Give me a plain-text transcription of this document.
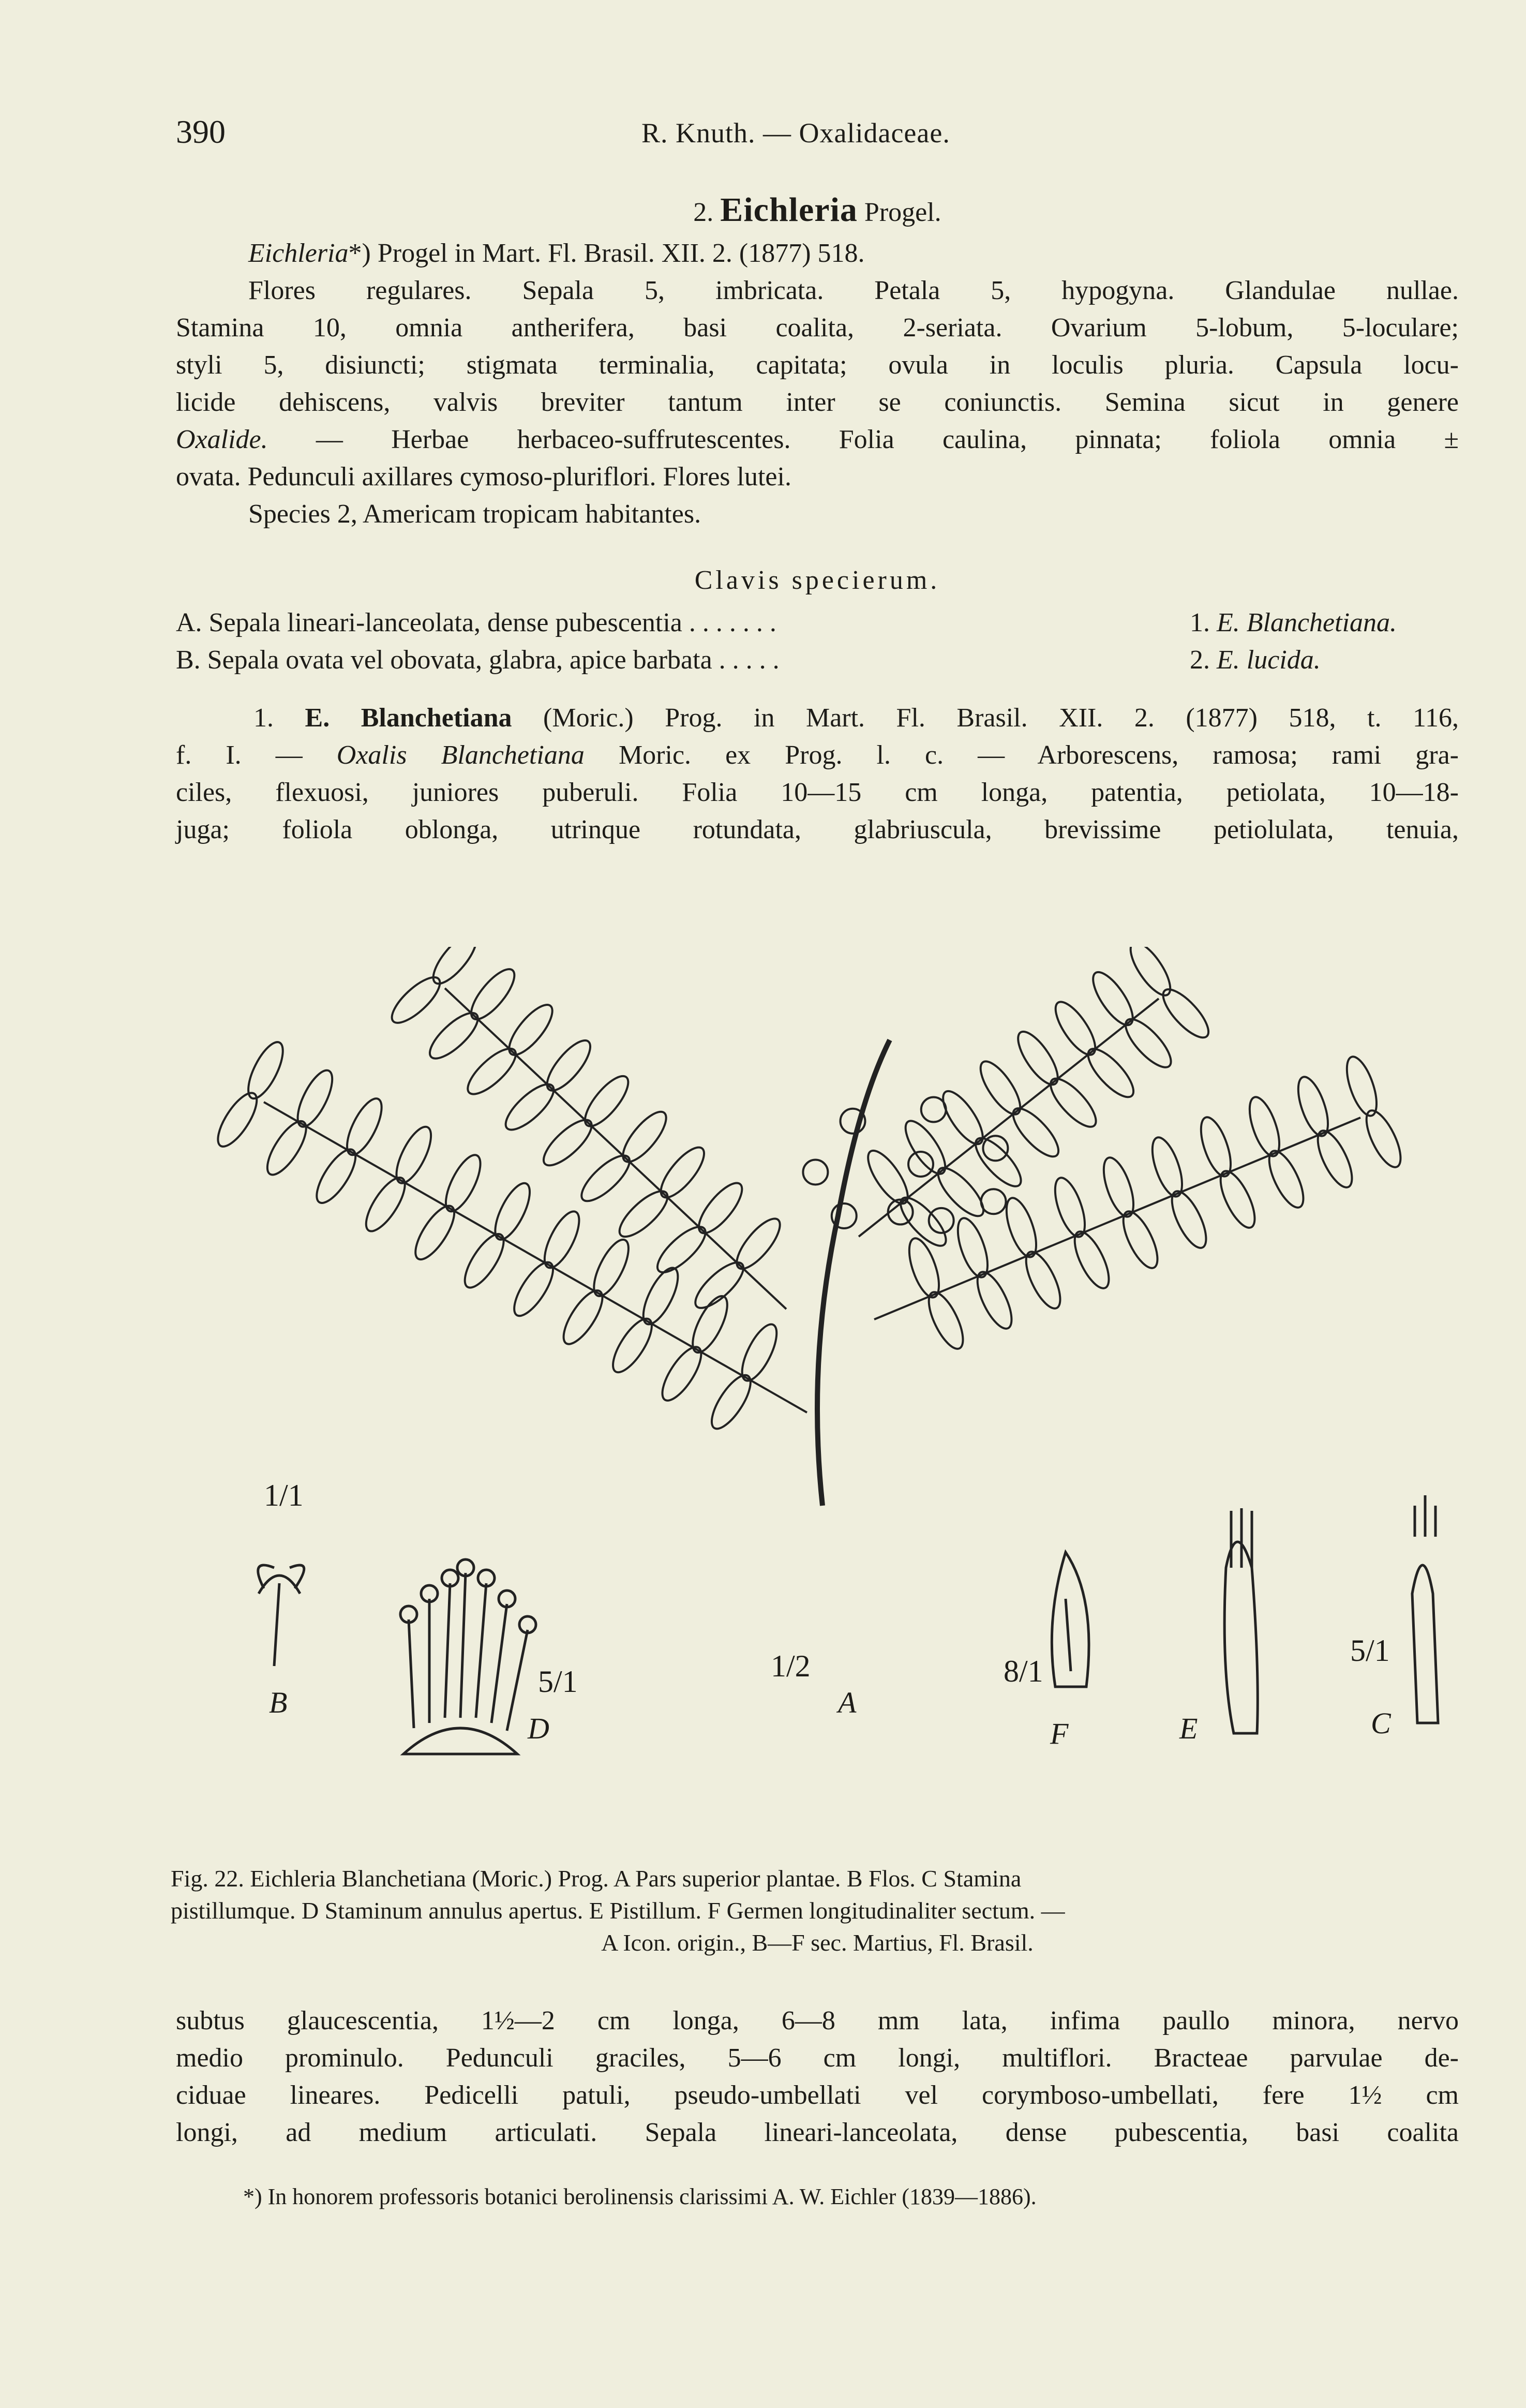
390	R. Knuth. — Oxalidaceae.
2. Eichleria Progel.
Eichleria*) Progel in Mart. Fl. Brasil. XII. 2. (1877) 518.
Flores regulares. Sepala 5, imbricata. Petala 5, hypogyna. Glandulae nullae.
Stamina 10, omnia antherifera, basi coalita, 2-seriata. Ovarium 5-lobum, 5-loculare;
styli 5, disiuncti; stigmata terminalia, capitata; ovula in loculis pluria. Capsula locu-
licide dehiscens, valvis breviter tantum inter se coniunctis. Semina sicut in genere
Oxalide. — Herbae herbaceo-suffrutescentes. Folia caulina, pinnata; foliola omnia ±
ovata. Pedunculi axillares cymoso-pluriflori. Flores lutei.
Species 2, Americam tropicam habitantes.
Clavis specierum.
A. Sepala lineari-lanceolata, dense pubescentia . . . . . . .	1. E. Blanchetiana.
B. Sepala ovata vel obovata, glabra, apice barbata . . . . .	2. E. lucida.
1. E. Blanchetiana (Moric.) Prog. in Mart. Fl. Brasil. XII. 2. (1877) 518, t. 116,
f. I. — Oxalis Blanchetiana Moric. ex Prog. l. c. — Arborescens, ramosa; rami gra-
ciles, flexuosi, juniores puberuli. Folia 10—15 cm longa, patentia, petiolata, 10—18-
juga; foliola oblonga, utrinque rotundata, glabriuscula, brevissime petiolulata, tenuia,
1/1
B
5/1
D
1/2
A
8/1
F	E
5/1
C
Fig. 22. Eichleria Blanchetiana (Moric.) Prog. A Pars superior plantae. B Flos. C Stamina
pistillumque. D Staminum annulus apertus. E Pistillum. F Germen longitudinaliter sectum. —
A Icon. origin., B—F sec. Martius, Fl. Brasil.
subtus glaucescentia, 1½—2 cm longa, 6—8 mm lata, infima paullo minora, nervo
medio prominulo. Pedunculi graciles, 5—6 cm longi, multiflori. Bracteae parvulae de-
ciduae lineares. Pedicelli patuli, pseudo-umbellati vel corymboso-umbellati, fere 1½ cm
longi, ad medium articulati. Sepala lineari-lanceolata, dense pubescentia, basi coalita
*) In honorem professoris botanici berolinensis clarissimi A. W. Eichler (1839—1886).
